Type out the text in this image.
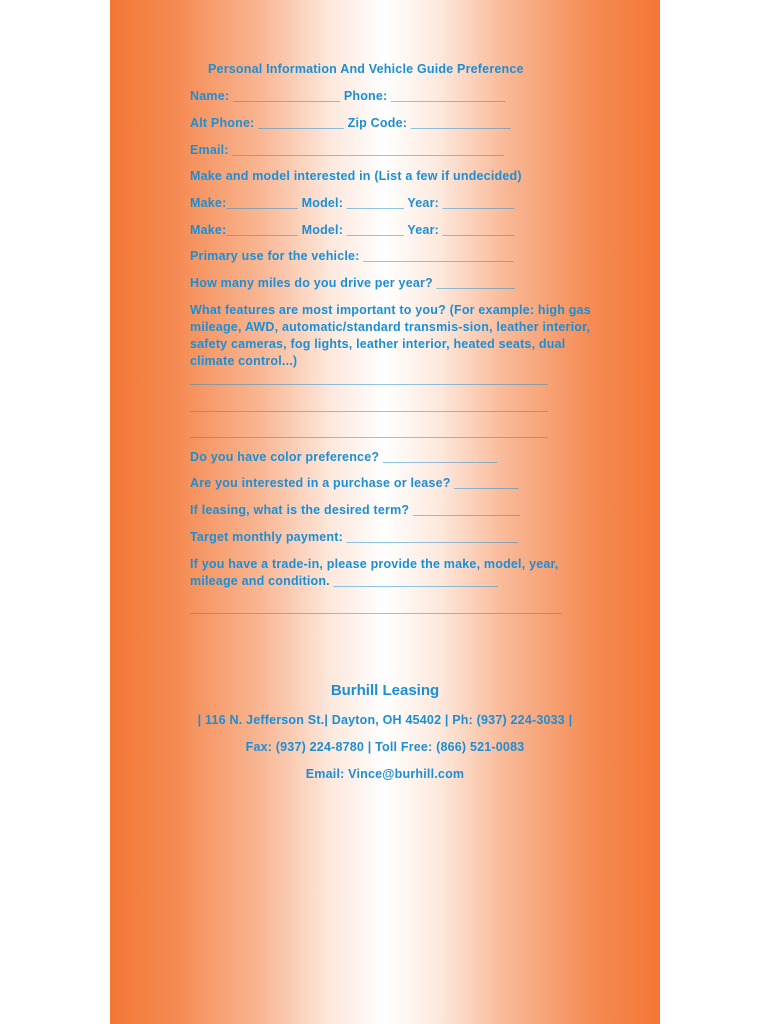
Personal Information And Vehicle Guide Preference
Name: _______________ Phone: ________________
Alt Phone: ____________ Zip Code: ______________
Email: ______________________________________
Make and model interested in (List a few if undecided)
Make:__________ Model: ________ Year: __________
Make:__________ Model: ________ Year: __________
Primary use for the vehicle: _____________________
How many miles do you drive per year? ___________
What features are most important to you? (For example: high gas mileage, AWD, automatic/standard transmis-sion, leather interior, safety cameras, fog lights, leather interior, heated seats, dual climate control...)
__________________________________________________
__________________________________________________
__________________________________________________
Do you have color preference? ________________
Are you interested in a purchase or lease? _________
If leasing, what is the desired term? _______________
Target monthly payment: ________________________
If you have a trade-in, please provide the make, model, year, mileage and condition. _______________________
____________________________________________________
Burhill Leasing
| 116 N. Jefferson St.| Dayton, OH 45402 | Ph: (937) 224-3033 |
Fax: (937) 224-8780 | Toll Free: (866) 521-0083
Email: Vince@burhill.com
